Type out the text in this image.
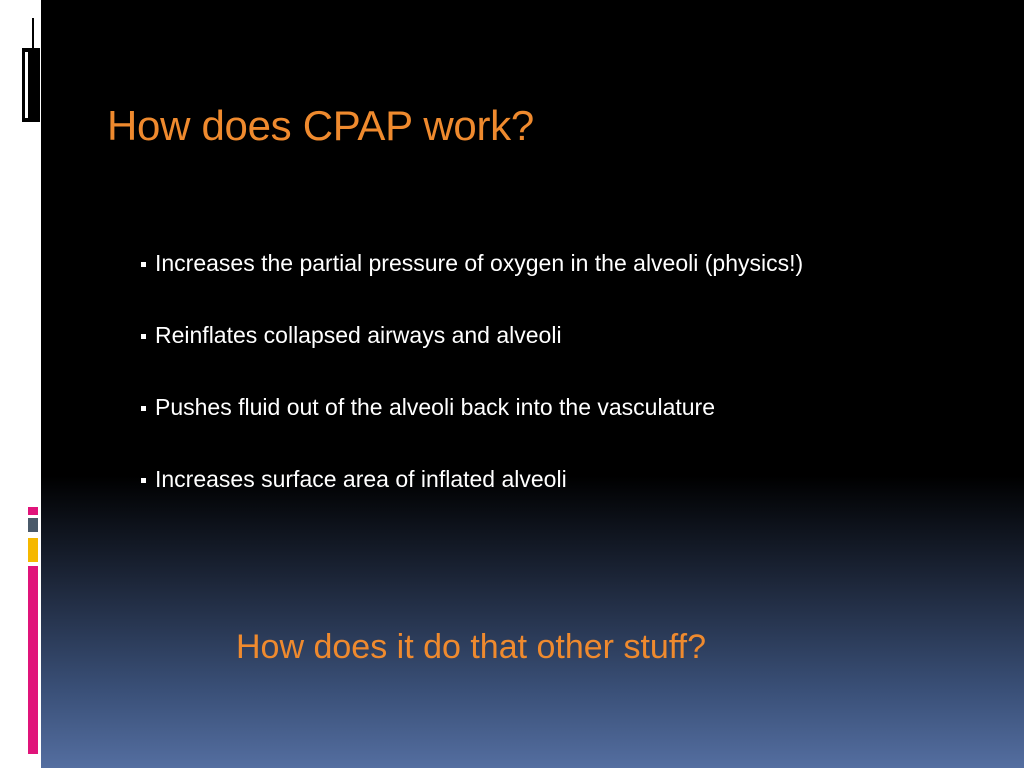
How does CPAP work?
Increases the partial pressure of oxygen in the alveoli (physics!)
Reinflates collapsed airways and alveoli
Pushes fluid out of the alveoli back into the vasculature
Increases surface area of inflated alveoli

How does it do that other stuff?
